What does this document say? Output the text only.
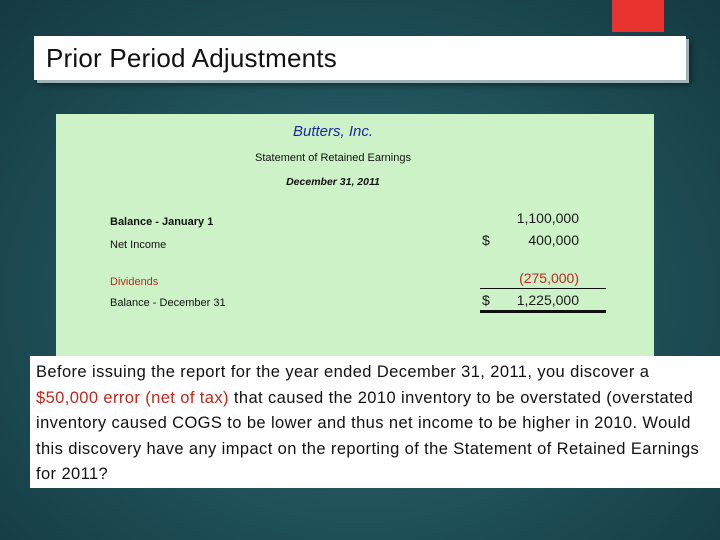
Prior Period Adjustments
Butters, Inc.
Statement of Retained Earnings
December 31, 2011
Balance - January 1	1,100,000
Net Income	$	400,000
Dividends	(275,000)
Balance - December 31	$ 1,225,000
Before issuing the report for the year ended December 31, 2011, you discover a $50,000 error (net of tax) that caused the 2010 inventory to be overstated (overstated inventory caused COGS to be lower and thus net income to be higher in 2010. Would this discovery have any impact on the reporting of the Statement of Retained Earnings for 2011?
